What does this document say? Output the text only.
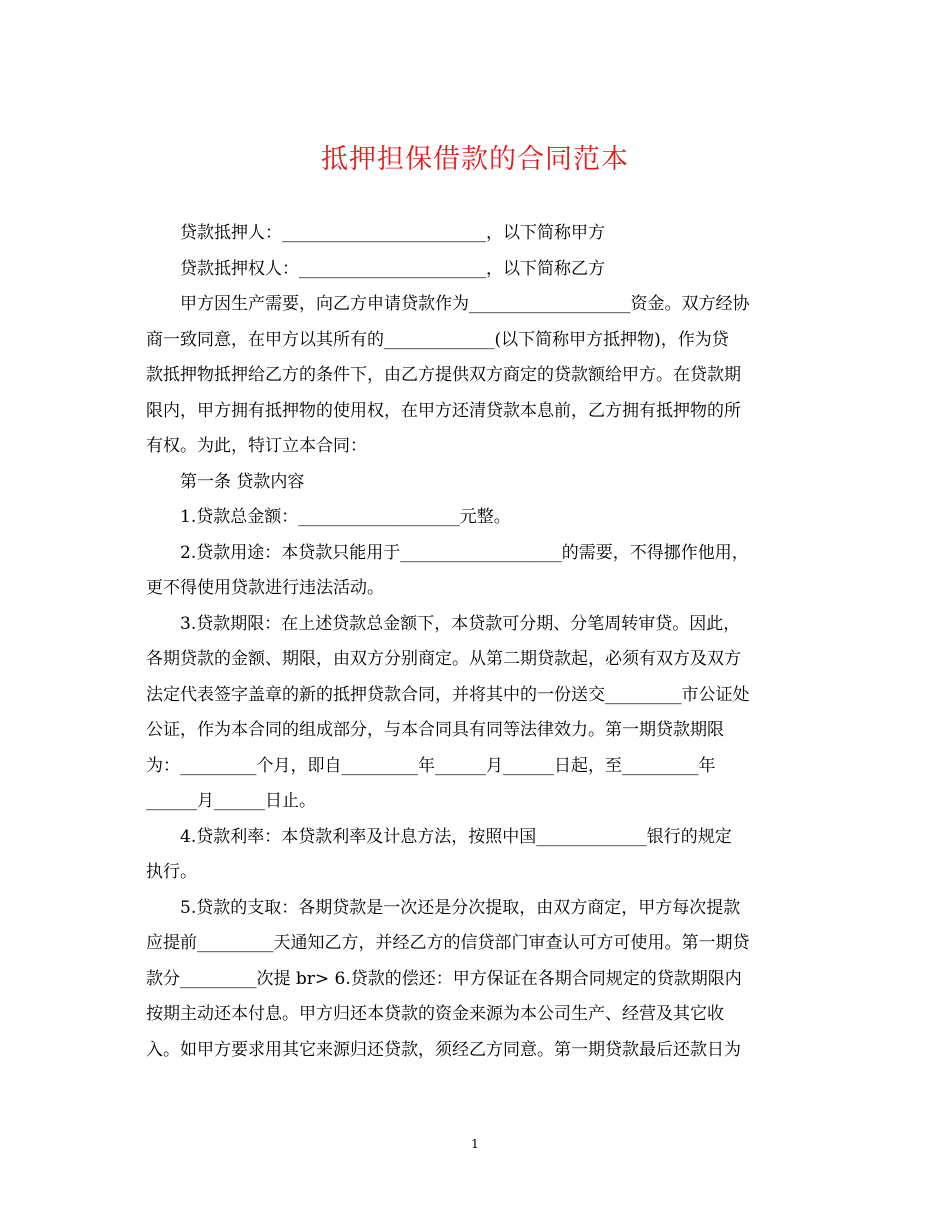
抵押担保借款的合同范本
　　贷款抵押人：________________________，以下简称甲方
　　贷款抵押权人：______________________，以下简称乙方
　　甲方因生产需要，向乙方申请贷款作为___________________资金。双方经协
商一致同意，在甲方以其所有的_____________(以下简称甲方抵押物)，作为贷
款抵押物抵押给乙方的条件下，由乙方提供双方商定的贷款额给甲方。在贷款期
限内，甲方拥有抵押物的使用权，在甲方还清贷款本息前，乙方拥有抵押物的所
有权。为此，特订立本合同：
　　第一条 贷款内容
　　1.贷款总金额：___________________元整。
　　2.贷款用途：本贷款只能用于___________________的需要，不得挪作他用，
更不得使用贷款进行违法活动。
　　3.贷款期限：在上述贷款总金额下，本贷款可分期、分笔周转审贷。因此，
各期贷款的金额、期限，由双方分别商定。从第二期贷款起，必须有双方及双方
法定代表签字盖章的新的抵押贷款合同，并将其中的一份送交_________市公证处
公证，作为本合同的组成部分，与本合同具有同等法律效力。第一期贷款期限
为：_________个月，即自_________年______月______日起，至_________年
______月______日止。
　　4.贷款利率：本贷款利率及计息方法，按照中国_____________银行的规定
执行。
　　5.贷款的支取：各期贷款是一次还是分次提取，由双方商定，甲方每次提款
应提前_________天通知乙方，并经乙方的信贷部门审查认可方可使用。第一期贷
款分_________次提 br> 6.贷款的偿还：甲方保证在各期合同规定的贷款期限内
按期主动还本付息。甲方归还本贷款的资金来源为本公司生产、经营及其它收
入。如甲方要求用其它来源归还贷款，须经乙方同意。第一期贷款最后还款日为
1
